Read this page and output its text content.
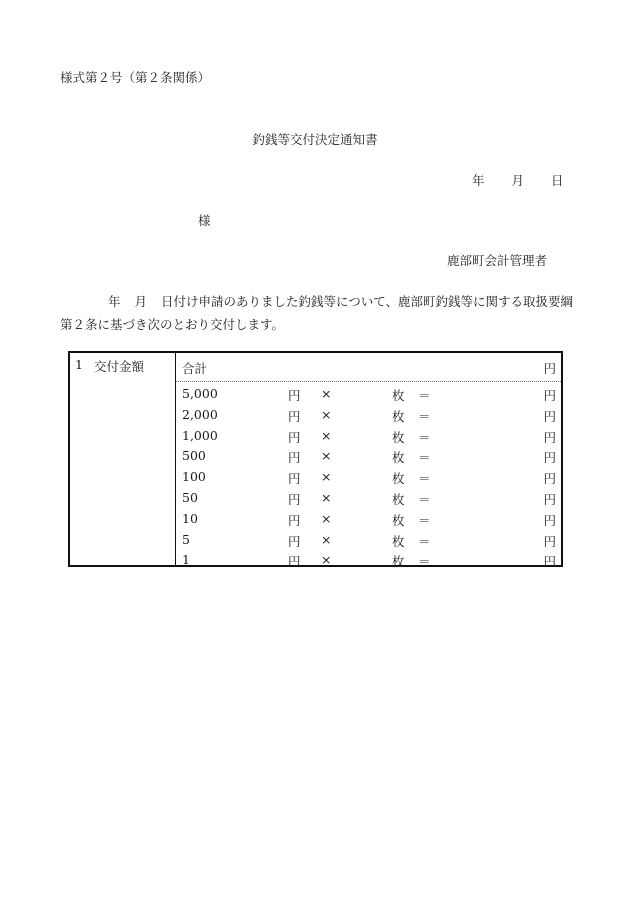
様式第２号（第２条関係）
釣銭等交付決定通知書
年 月 日
様
鹿部町会計管理者
年 月 日付け申請のありました釣銭等について、鹿部町釣銭等に関する取扱要綱
第２条に基づき次のとおり交付します。
1 交付金額	合計	円
5,000	円 ×	枚 ＝	円
2,000	円 ×	枚 ＝	円
1,000	円 ×	枚 ＝	円
500	円 ×	枚 ＝	円
100	円 ×	枚 ＝	円
50	円 ×	枚 ＝	円
10	円 ×	枚 ＝	円
5	円 ×	枚 ＝	円
1	円 ×	枚 ＝	円
